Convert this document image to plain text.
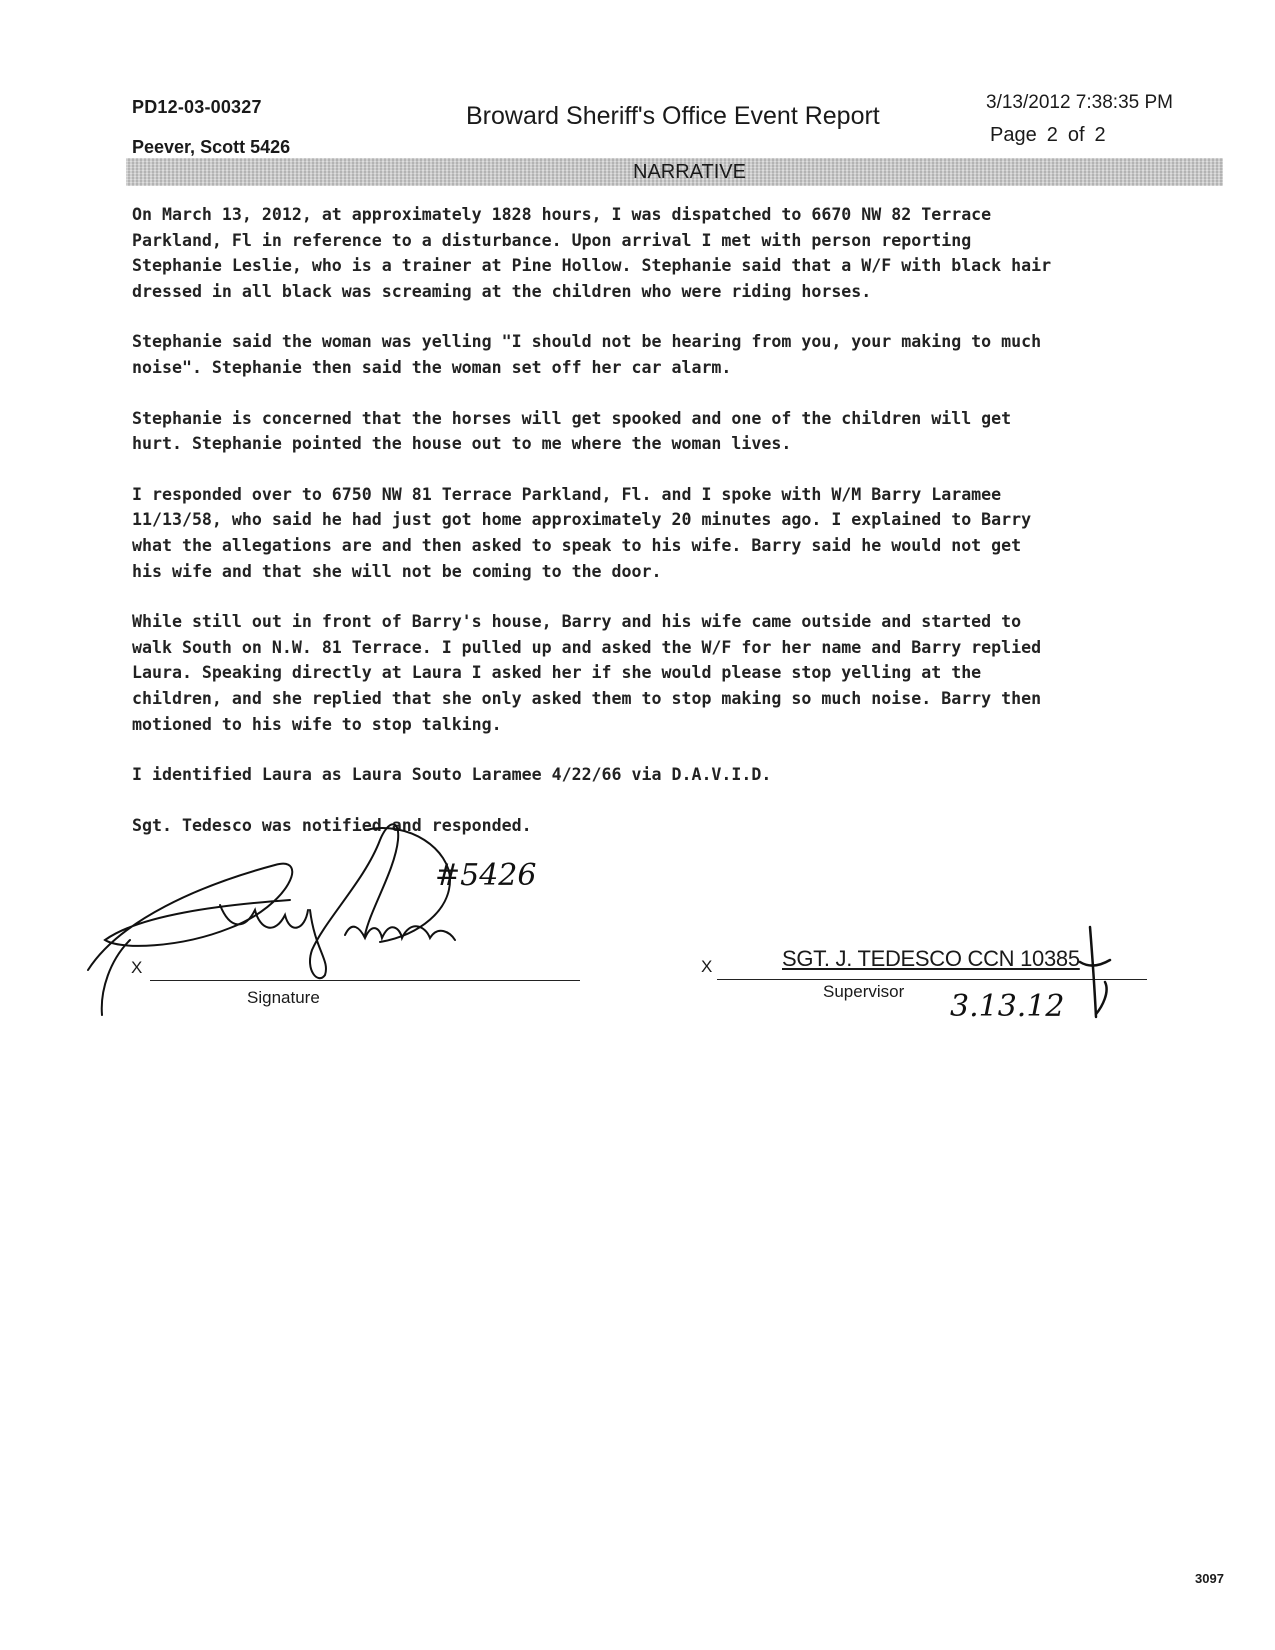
PD12-03-00327
Peever, Scott 5426
Broward Sheriff's Office Event Report	3/13/2012 7:38:35 PM
Page 2 of 2
NARRATIVE

On March 13, 2012, at approximately 1828 hours, I was dispatched to 6670 NW 82 Terrace
Parkland, Fl in reference to a disturbance. Upon arrival I met with person reporting
Stephanie Leslie, who is a trainer at Pine Hollow. Stephanie said that a W/F with black hair
dressed in all black was screaming at the children who were riding horses.

Stephanie said the woman was yelling "I should not be hearing from you, your making to much
noise". Stephanie then said the woman set off her car alarm.

Stephanie is concerned that the horses will get spooked and one of the children will get
hurt. Stephanie pointed the house out to me where the woman lives.

I responded over to 6750 NW 81 Terrace Parkland, Fl. and I spoke with W/M Barry Laramee
11/13/58, who said he had just got home approximately 20 minutes ago. I explained to Barry
what the allegations are and then asked to speak to his wife. Barry said he would not get
his wife and that she will not be coming to the door.

While still out in front of Barry's house, Barry and his wife came outside and started to
walk South on N.W. 81 Terrace. I pulled up and asked the W/F for her name and Barry replied
Laura. Speaking directly at Laura I asked her if she would please stop yelling at the
children, and she replied that she only asked them to stop making so much noise. Barry then
motioned to his wife to stop talking.

I identified Laura as Laura Souto Laramee 4/22/66 via D.A.V.I.D.

Sgt. Tedesco was notified and responded.

X
Signature
#5426
X	SGT. J. TEDESCO CCN 10385
Supervisor 3.13.12
3097
